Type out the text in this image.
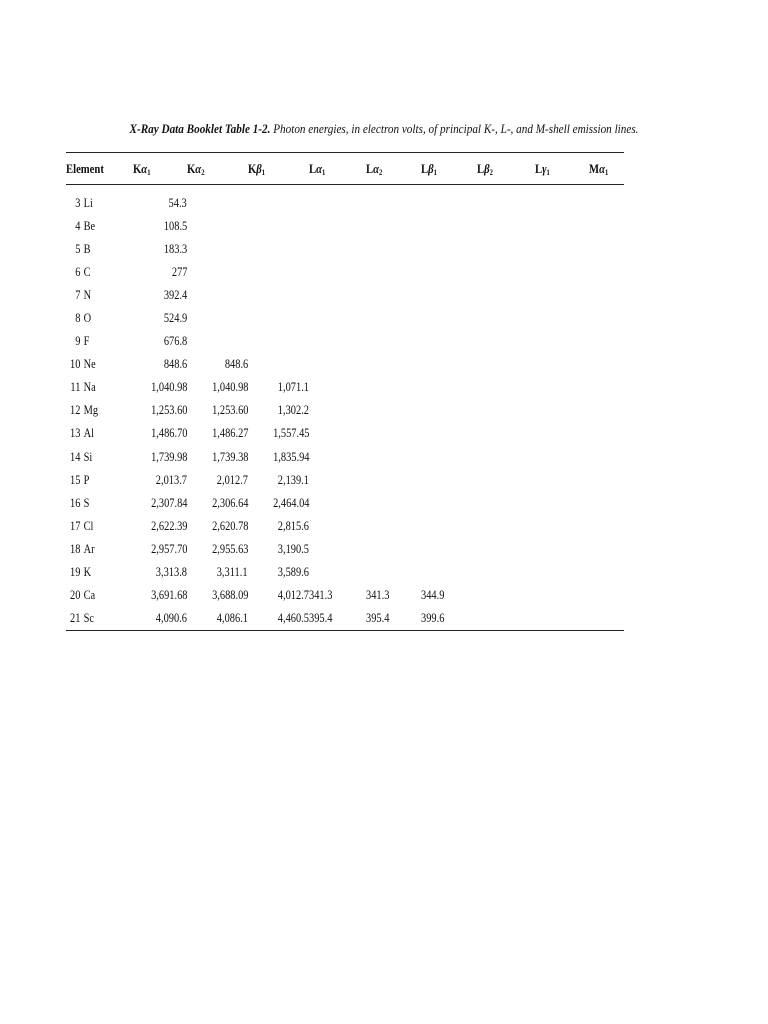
X-Ray Data Booklet Table 1-2. Photon energies, in electron volts, of principal K-, L-, and M-shell emission lines.
Element	$K\alpha_1$	$K\alpha_2$	$K\beta_1$	$L\alpha_1$	$L\alpha_2$	$L\beta_1$	$L\beta_2$	$L\gamma_1$	$M\alpha_1$
3 Li	54.3								
4 Be	108.5								
5 B	183.3								
6 C	277								
7 N	392.4								
8 O	524.9								
9 F	676.8								
10 Ne	848.6	848.6							
11 Na	1,040.98	1,040.98	1,071.1						
12 Mg	1,253.60	1,253.60	1,302.2						
13 Al	1,486.70	1,486.27	1,557.45						
14 Si	1,739.98	1,739.38	1,835.94						
15 P	2,013.7	2,012.7	2,139.1						
16 S	2,307.84	2,306.64	2,464.04						
17 Cl	2,622.39	2,620.78	2,815.6						
18 Ar	2,957.70	2,955.63	3,190.5						
19 K	3,313.8	3,311.1	3,589.6						
20 Ca	3,691.68	3,688.09	4,012.7	341.3	341.3	344.9			
21 Sc	4,090.6	4,086.1	4,460.5	395.4	395.4	399.6			
